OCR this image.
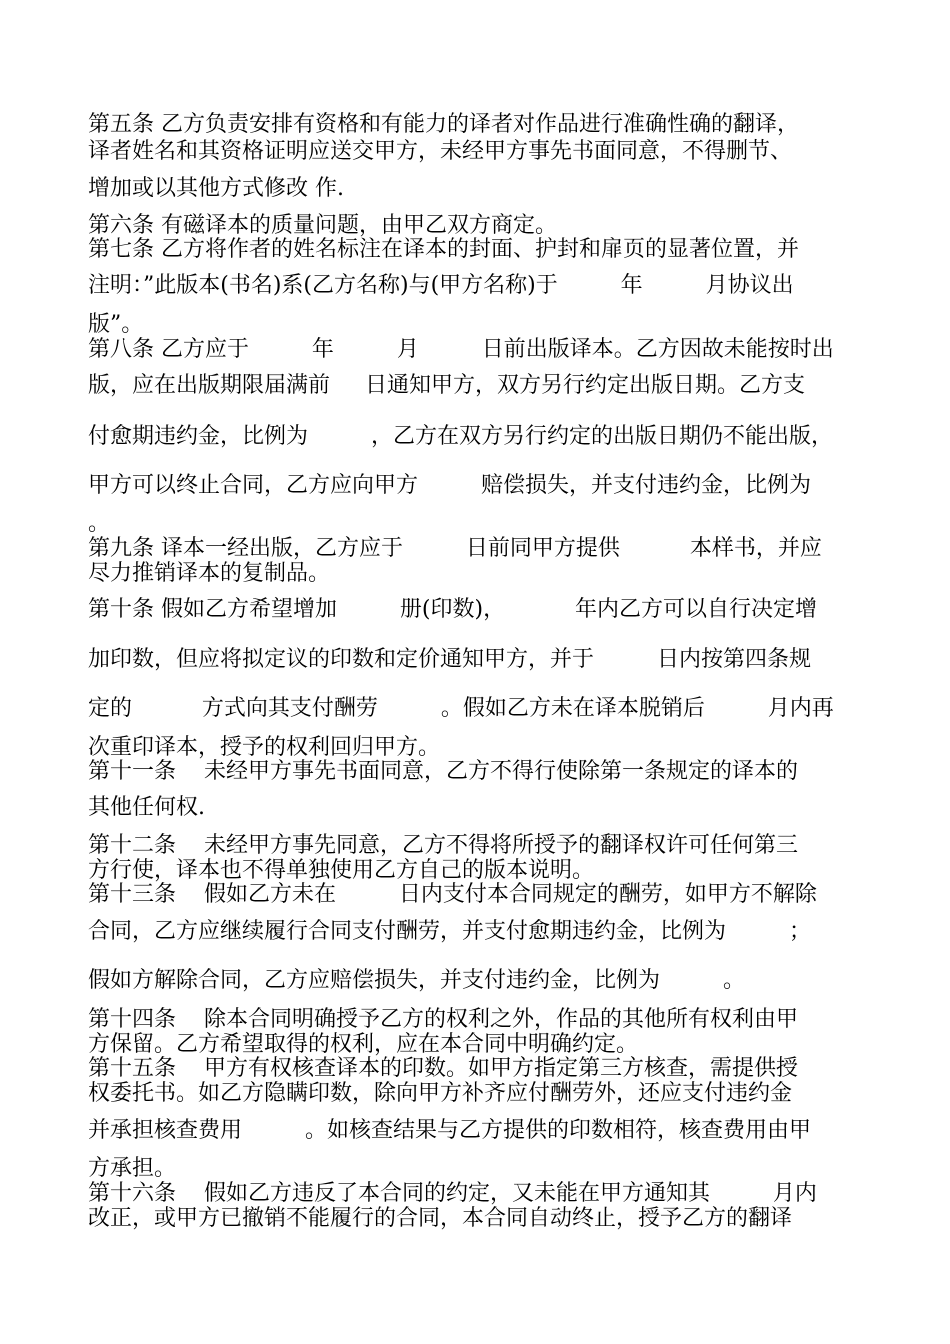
第五条 乙方负责安排有资格和有能力的译者对作品进行准确性确的翻译，
译者姓名和其资格证明应送交甲方，未经甲方事先书面同意，不得删节、
增加或以其他方式修改 作.
第六条 有磁译本的质量问题，由甲乙双方商定。
第七条 乙方将作者的姓名标注在译本的封面、护封和扉页的显著位置，并
注明：”此版本(书名)系(乙方名称)与(甲方名称)于         年         月协议出
版”。
第八条 乙方应于         年         月         日前出版译本。乙方因故未能按时出
版，应在出版期限届满前     日通知甲方，双方另行约定出版日期。乙方支
付愈期违约金，比例为         ，乙方在双方另行约定的出版日期仍不能出版，
甲方可以终止合同，乙方应向甲方         赔偿损失，并支付违约金，比例为
。
第九条 译本一经出版，乙方应于         日前同甲方提供          本样书，并应
尽力推销译本的复制品。
第十条 假如乙方希望增加         册(印数)，          年内乙方可以自行决定增
加印数，但应将拟定议的印数和定价通知甲方，并于         日内按第四条规
定的          方式向其支付酬劳         。假如乙方未在译本脱销后         月内再
次重印译本，授予的权利回归甲方。
第十一条    未经甲方事先书面同意，乙方不得行使除第一条规定的译本的
其他任何权.
第十二条    未经甲方事先同意，乙方不得将所授予的翻译权许可任何第三
方行使，译本也不得单独使用乙方自己的版本说明。
第十三条    假如乙方未在         日内支付本合同规定的酬劳，如甲方不解除
合同，乙方应继续履行合同支付酬劳，并支付愈期违约金，比例为         ；
假如方解除合同，乙方应赔偿损失，并支付违约金，比例为         。
第十四条    除本合同明确授予乙方的权利之外，作品的其他所有权利由甲
方保留。乙方希望取得的权利，应在本合同中明确约定。
第十五条    甲方有权核查译本的印数。如甲方指定第三方核查，需提供授
权委托书。如乙方隐瞒印数，除向甲方补齐应付酬劳外，还应支付违约金
并承担核查费用         。如核查结果与乙方提供的印数相符，核查费用由甲
方承担。
第十六条    假如乙方违反了本合同的约定，又未能在甲方通知其         月内
改正，或甲方已撤销不能履行的合同，本合同自动终止，授予乙方的翻译
